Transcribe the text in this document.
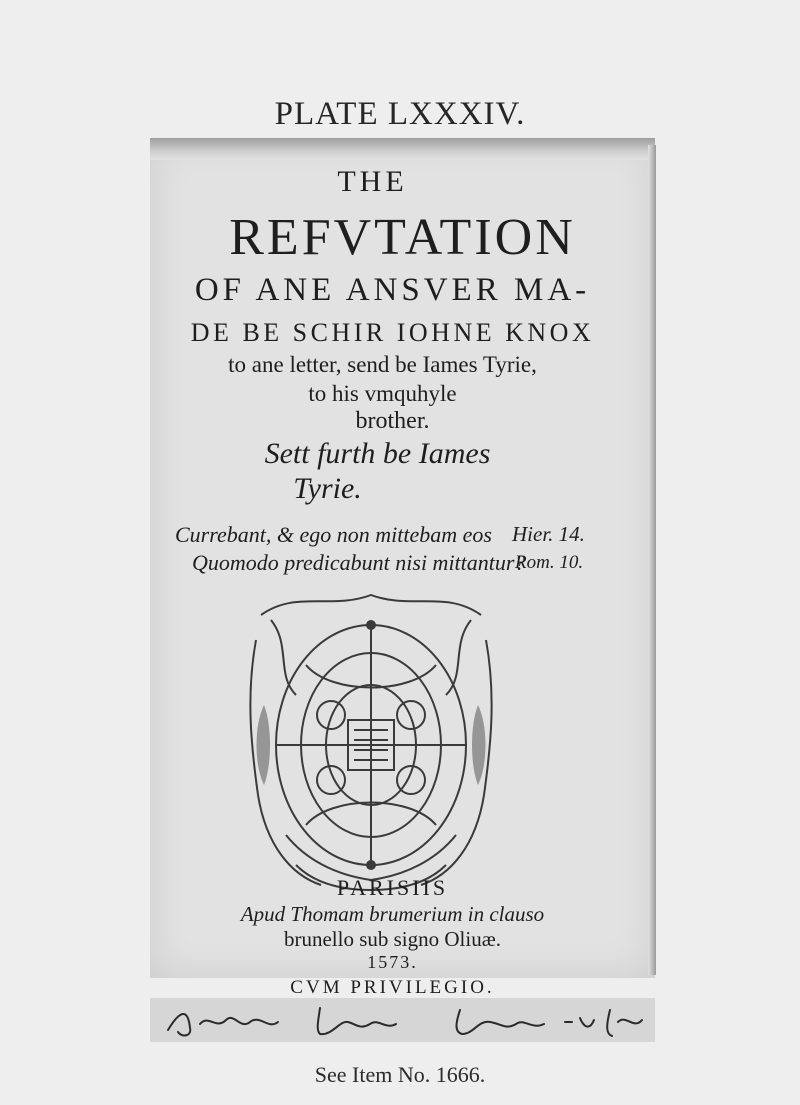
PLATE LXXXIV.
THE
REFVTATION
OF ANE ANSVER MA-
DE BE SCHIR IOHNE KNOX
to ane letter, send be Iames Tyrie,
to his vmquhyle
brother.
Sett furth be Iames
Tyrie.
Currebant, & ego non mittebam eos Hier. 14.
Quomodo predicabunt nisi mittantur?
Rom. 10.
PARISIIS
Apud Thomam brumerium in clauso
brunello sub signo Oliuæ.
1573.
CVM PRIVILEGIO.
See Item No. 1666.
